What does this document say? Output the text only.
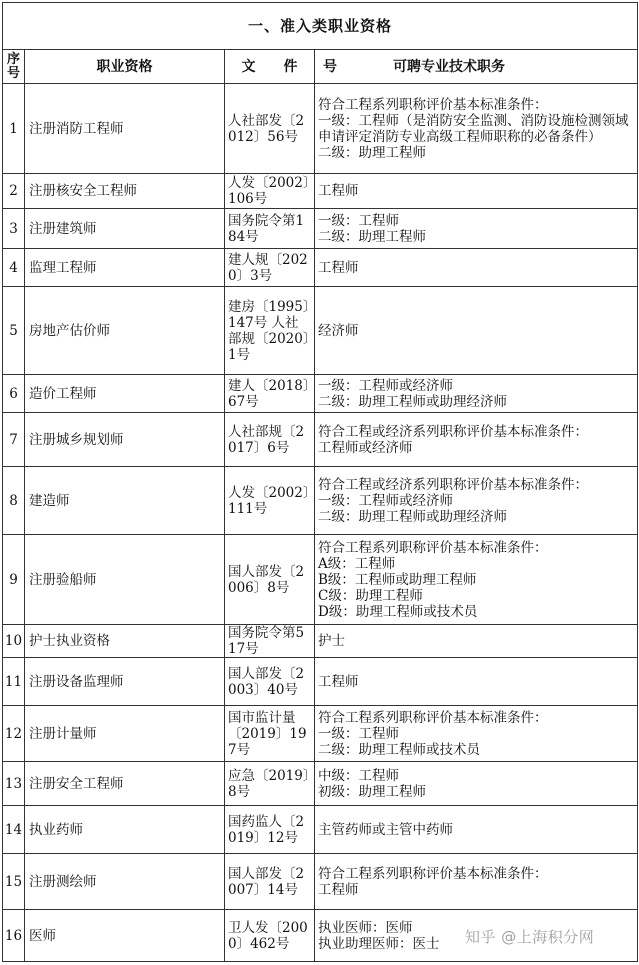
一、准入类职业资格			
序号	职业资格	文　　件	号　　　　可聘专业技术职务
1	注册消防工程师	人社部发〔2012〕56号	符合工程系列职称评价基本标准条件：
一级：工程师（是消防安全监测、消防设施检测领域申请评定消防专业高级工程师职称的必备条件）
二级：助理工程师

2	注册核安全工程师	人发〔2002〕106号	工程师

3	注册建筑师	国务院令第184号	一级：工程师
二级：助理工程师

4	监理工程师	建人规〔2020〕3号	工程师

5	房地产估价师	建房〔1995〕147号 人社部规〔2020〕1号	经济师

6	造价工程师	建人〔2018〕67号	一级：工程师或经济师
二级：助理工程师或助理经济师

7	注册城乡规划师	人社部规〔2017〕6号	符合工程或经济系列职称评价基本标准条件：
工程师或经济师

8	建造师	人发〔2002〕111号	符合工程或经济系列职称评价基本标准条件：
一级：工程师或经济师
二级：助理工程师或助理经济师

9	注册验船师	国人部发〔2006〕8号	符合工程系列职称评价基本标准条件：
A级：工程师
B级：工程师或助理工程师
C级：助理工程师
D级：助理工程师或技术员

10	护士执业资格	国务院令第517号	护士

11	注册设备监理师	国人部发〔2003〕40号	工程师

12	注册计量师	国市监计量〔2019〕197号	符合工程系列职称评价基本标准条件：
一级：工程师
二级：助理工程师或技术员

13	注册安全工程师	应急〔2019〕8号	中级：工程师
初级：助理工程师

14	执业药师	国药监人〔2019〕12号	主管药师或主管中药师

15	注册测绘师	国人部发〔2007〕14号	符合工程系列职称评价基本标准条件：
工程师

16	医师	卫人发〔2000〕462号	执业医师：医师
执业助理医师：医士	知乎 @上海积分网
